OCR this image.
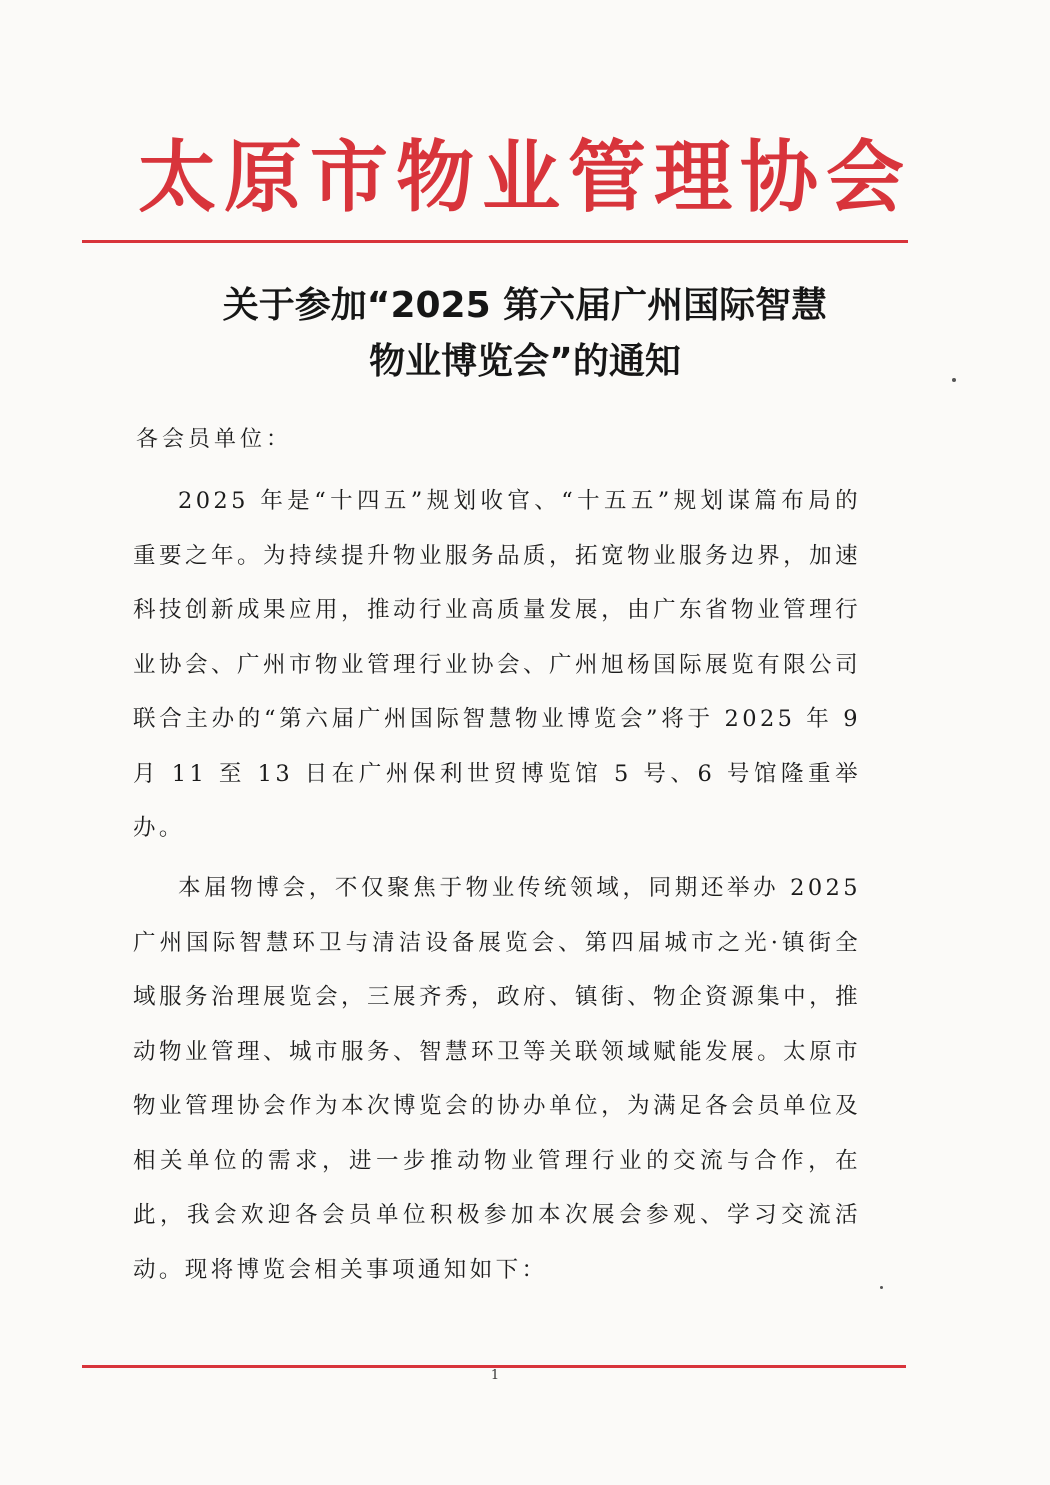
太原市物业管理协会
关于参加“2025 第六届广州国际智慧
物业博览会”的通知
各会员单位：

2025 年是“十四五”规划收官、“十五五”规划谋篇布局的重要之年。为持续提升物业服务品质，拓宽物业服务边界，加速科技创新成果应用，推动行业高质量发展，由广东省物业管理行业协会、广州市物业管理行业协会、广州旭杨国际展览有限公司联合主办的“第六届广州国际智慧物业博览会”将于 2025 年 9 月 11 至 13 日在广州保利世贸博览馆 5 号、6 号馆隆重举办。

本届物博会，不仅聚焦于物业传统领域，同期还举办 2025 广州国际智慧环卫与清洁设备展览会、第四届城市之光·镇街全域服务治理展览会，三展齐秀，政府、镇街、物企资源集中，推动物业管理、城市服务、智慧环卫等关联领域赋能发展。太原市物业管理协会作为本次博览会的协办单位，为满足各会员单位及相关单位的需求，进一步推动物业管理行业的交流与合作，在此，我会欢迎各会员单位积极参加本次展会参观、学习交流活动。现将博览会相关事项通知如下：

1
